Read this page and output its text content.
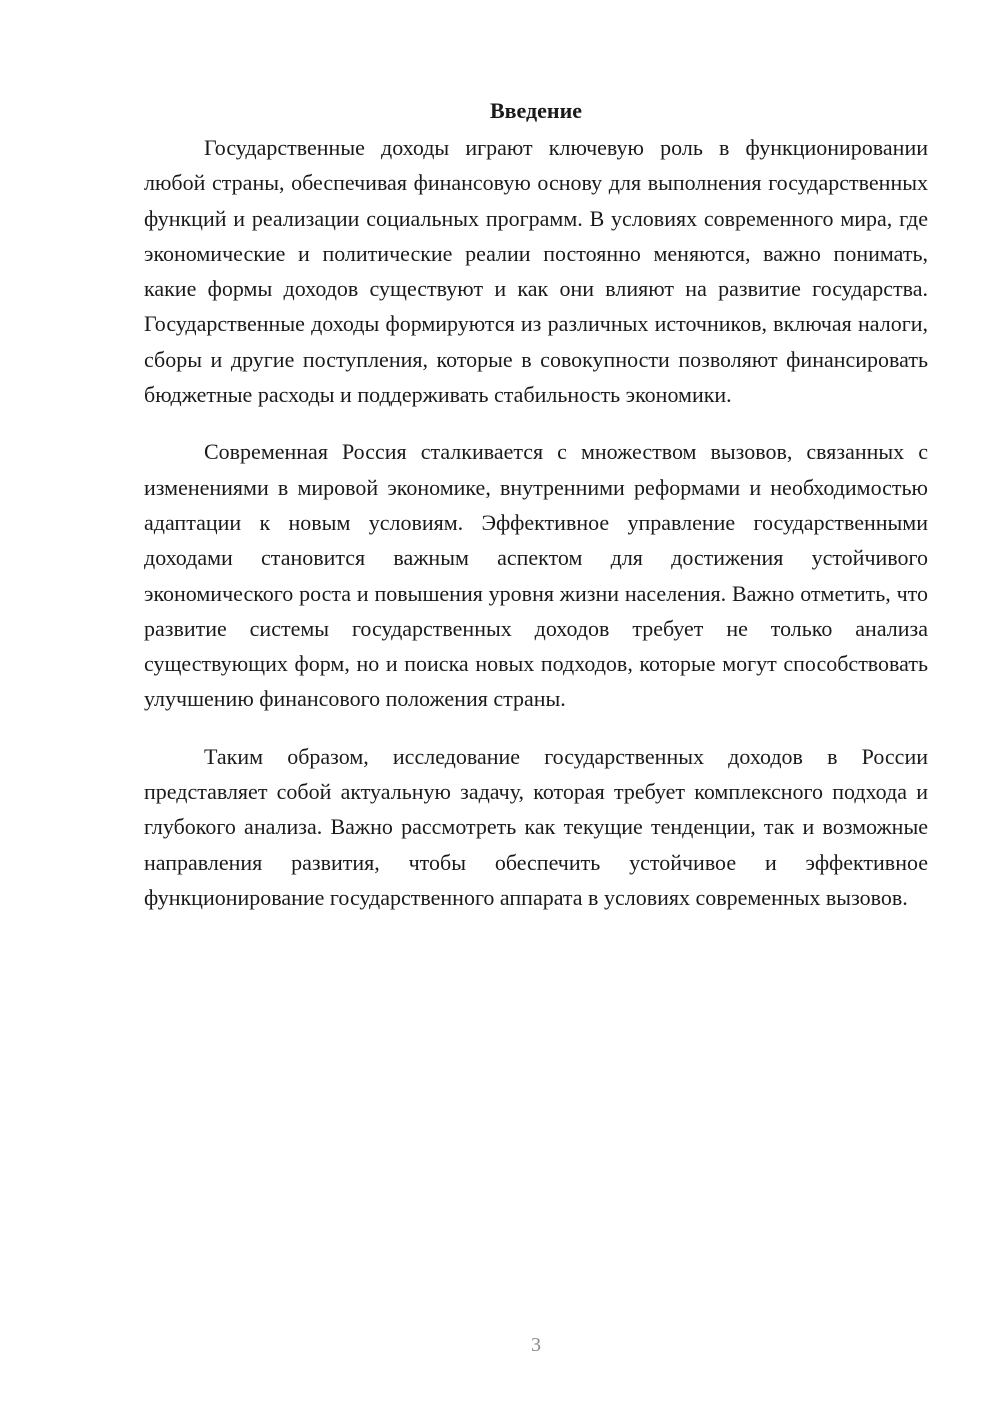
Введение

Государственные доходы играют ключевую роль в функционировании любой страны, обеспечивая финансовую основу для выполнения государственных функций и реализации социальных программ. В условиях современного мира, где экономические и политические реалии постоянно меняются, важно понимать, какие формы доходов существуют и как они влияют на развитие государства. Государственные доходы формируются из различных источников, включая налоги, сборы и другие поступления, которые в совокупности позволяют финансировать бюджетные расходы и поддерживать стабильность экономики.

Современная Россия сталкивается с множеством вызовов, связанных с изменениями в мировой экономике, внутренними реформами и необходимостью адаптации к новым условиям. Эффективное управление государственными доходами становится важным аспектом для достижения устойчивого экономического роста и повышения уровня жизни населения. Важно отметить, что развитие системы государственных доходов требует не только анализа существующих форм, но и поиска новых подходов, которые могут способствовать улучшению финансового положения страны.

Таким образом, исследование государственных доходов в России представляет собой актуальную задачу, которая требует комплексного подхода и глубокого анализа. Важно рассмотреть как текущие тенденции, так и возможные направления развития, чтобы обеспечить устойчивое и эффективное функционирование государственного аппарата в условиях современных вызовов.

3
